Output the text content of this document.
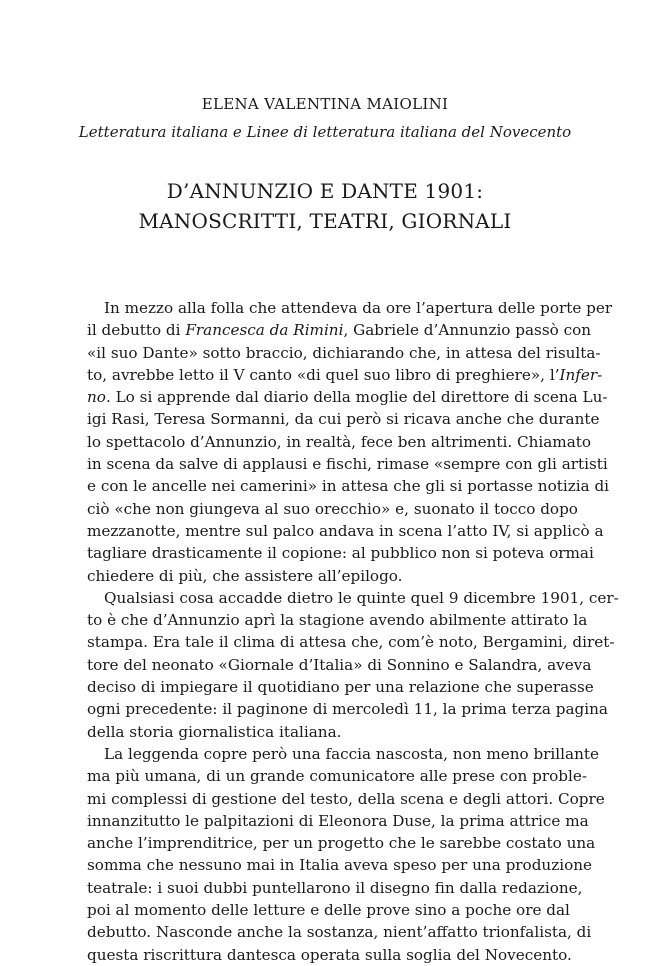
ELENA VALENTINA MAIOLINI
Letteratura italiana e Linee di letteratura italiana del Novecento
D’ANNUNZIO E DANTE 1901:
MANOSCRITTI, TEATRI, GIORNALI
In mezzo alla folla che attendeva da ore l’apertura delle porte per
il debutto di Francesca da Rimini, Gabriele d’Annunzio passò con
«il suo Dante» sotto braccio, dichiarando che, in attesa del risulta-
to, avrebbe letto il V canto «di quel suo libro di preghiere», l’Infer-
no. Lo si apprende dal diario della moglie del direttore di scena Lu-
igi Rasi, Teresa Sormanni, da cui però si ricava anche che durante
lo spettacolo d’Annunzio, in realtà, fece ben altrimenti. Chiamato
in scena da salve di applausi e fischi, rimase «sempre con gli artisti
e con le ancelle nei camerini» in attesa che gli si portasse notizia di
ciò «che non giungeva al suo orecchio» e, suonato il tocco dopo
mezzanotte, mentre sul palco andava in scena l’atto IV, si applicò a
tagliare drasticamente il copione: al pubblico non si poteva ormai
chiedere di più, che assistere all’epilogo.
Qualsiasi cosa accadde dietro le quinte quel 9 dicembre 1901, cer-
to è che d’Annunzio aprì la stagione avendo abilmente attirato la
stampa. Era tale il clima di attesa che, com’è noto, Bergamini, diret-
tore del neonato «Giornale d’Italia» di Sonnino e Salandra, aveva
deciso di impiegare il quotidiano per una relazione che superasse
ogni precedente: il paginone di mercoledì 11, la prima terza pagina
della storia giornalistica italiana.
La leggenda copre però una faccia nascosta, non meno brillante
ma più umana, di un grande comunicatore alle prese con proble-
mi complessi di gestione del testo, della scena e degli attori. Copre
innanzitutto le palpitazioni di Eleonora Duse, la prima attrice ma
anche l’imprenditrice, per un progetto che le sarebbe costato una
somma che nessuno mai in Italia aveva speso per una produzione
teatrale: i suoi dubbi puntellarono il disegno fin dalla redazione,
poi al momento delle letture e delle prove sino a poche ore dal
debutto. Nasconde anche la sostanza, nient’affatto trionfalista, di
questa riscrittura dantesca operata sulla soglia del Novecento.
